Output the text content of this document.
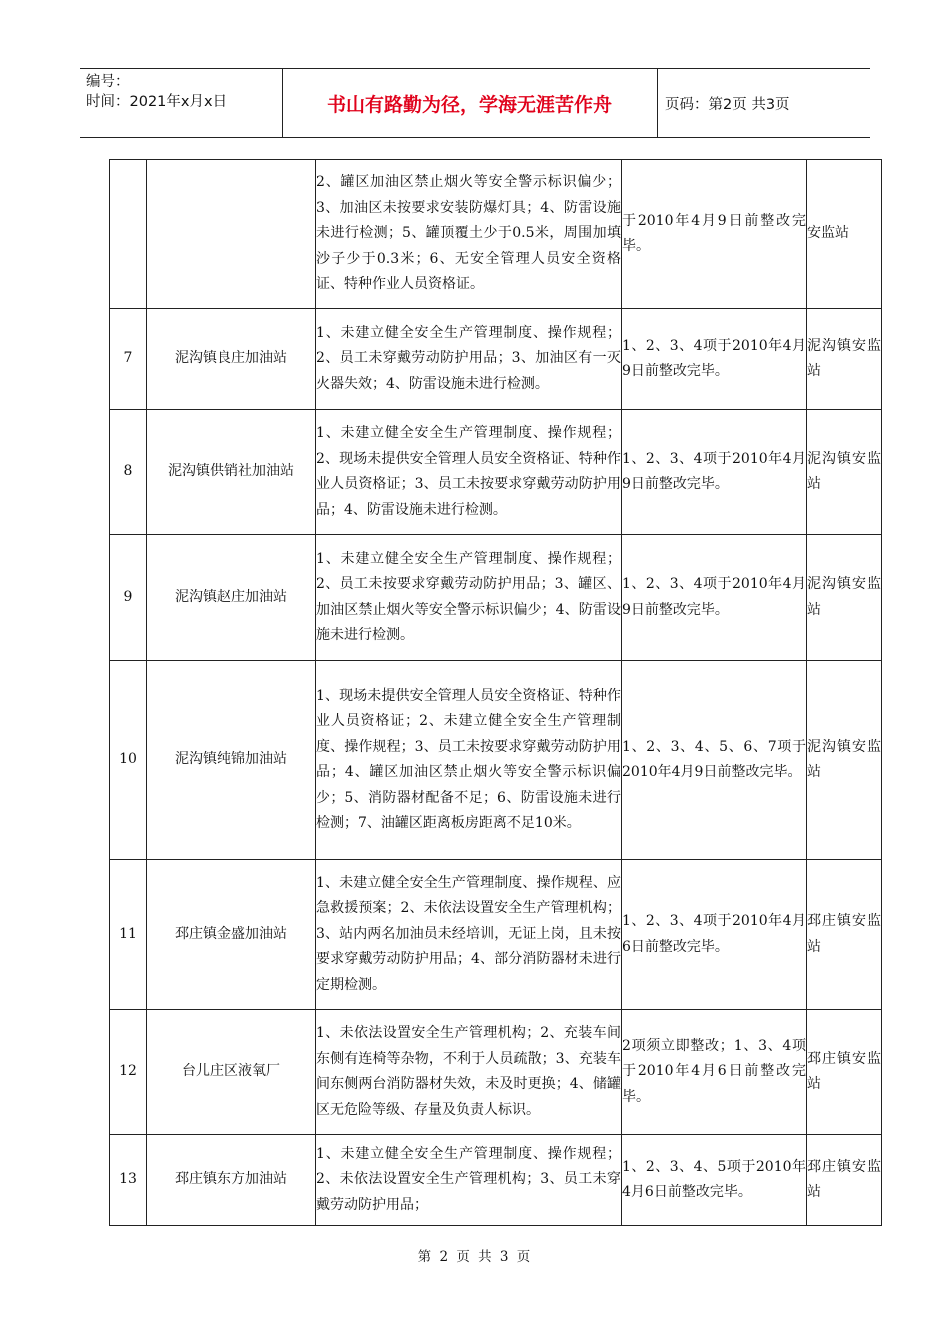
编号：
时间：2021年x月x日	书山有路勤为径，学海无涯苦作舟	页码：第2页 共3页
		2、罐区加油区禁止烟火等安全警示标识偏少；3、加油区未按要求安装防爆灯具；4、防雷设施未进行检测；5、罐顶覆土少于0.5米，周围加填沙子少于0.3米；6、无安全管理人员安全资格证、特种作业人员资格证。	于2010年4月9日前整改完毕。	安监站
7	泥沟镇良庄加油站	1、未建立健全安全生产管理制度、操作规程；2、员工未穿戴劳动防护用品；3、加油区有一灭火器失效；4、防雷设施未进行检测。	1、2、3、4项于2010年4月9日前整改完毕。	泥沟镇安监站
8	泥沟镇供销社加油站	1、未建立健全安全生产管理制度、操作规程；2、现场未提供安全管理人员安全资格证、特种作业人员资格证；3、员工未按要求穿戴劳动防护用品；4、防雷设施未进行检测。	1、2、3、4项于2010年4月9日前整改完毕。	泥沟镇安监站
9	泥沟镇赵庄加油站	1、未建立健全安全生产管理制度、操作规程；2、员工未按要求穿戴劳动防护用品；3、罐区、加油区禁止烟火等安全警示标识偏少；4、防雷设施未进行检测。	1、2、3、4项于2010年4月9日前整改完毕。	泥沟镇安监站
10	泥沟镇纯锦加油站	1、现场未提供安全管理人员安全资格证、特种作业人员资格证；2、未建立健全安全生产管理制度、操作规程；3、员工未按要求穿戴劳动防护用品；4、罐区加油区禁止烟火等安全警示标识偏少；5、消防器材配备不足；6、防雷设施未进行检测；7、油罐区距离板房距离不足10米。	1、2、3、4、5、6、7项于2010年4月9日前整改完毕。	泥沟镇安监站
11	邳庄镇金盛加油站	1、未建立健全安全生产管理制度、操作规程、应急救援预案；2、未依法设置安全生产管理机构；3、站内两名加油员未经培训，无证上岗，且未按要求穿戴劳动防护用品；4、部分消防器材未进行定期检测。	1、2、3、4项于2010年4月6日前整改完毕。	邳庄镇安监站
12	台儿庄区液氧厂	1、未依法设置安全生产管理机构；2、充装车间东侧有连椅等杂物，不利于人员疏散；3、充装车间东侧两台消防器材失效，未及时更换；4、储罐区无危险等级、存量及负责人标识。	2项须立即整改；1、3、4项于2010年4月6日前整改完毕。	邳庄镇安监站
13	邳庄镇东方加油站	1、未建立健全安全生产管理制度、操作规程；2、未依法设置安全生产管理机构；3、员工未穿戴劳动防护用品；	1、2、3、4、5项于2010年4月6日前整改完毕。	邳庄镇安监站
第 2 页 共 3 页
